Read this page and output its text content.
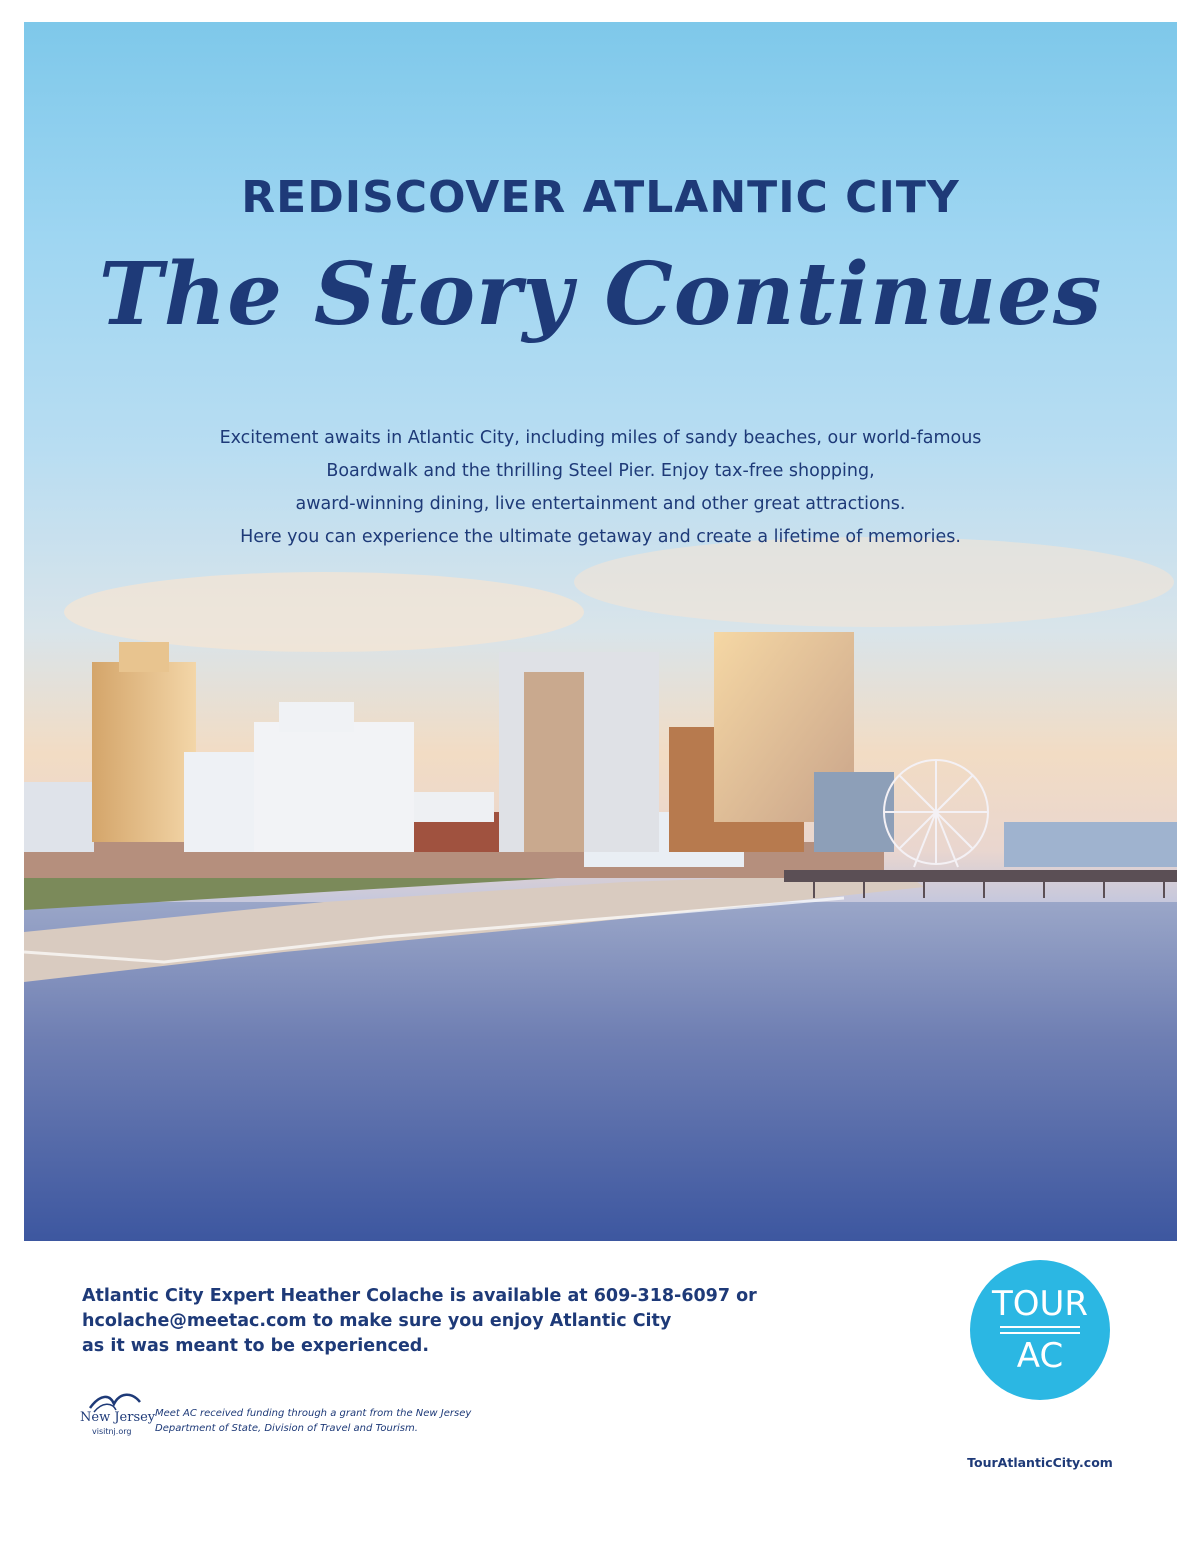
REDISCOVER ATLANTIC CITY
The Story Continues
Excitement awaits in Atlantic City, including miles of sandy beaches, our world-famous
Boardwalk and the thrilling Steel Pier. Enjoy tax-free shopping,
award-winning dining, live entertainment and other great attractions.
Here you can experience the ultimate getaway and create a lifetime of memories.
Atlantic City Expert Heather Colache is available at 609-318-6097 or
hcolache@meetac.com to make sure you enjoy Atlantic City
as it was meant to be experienced.
New Jersey
visitnj.org
Meet AC received funding through a grant from the New Jersey
Department of State, Division of Travel and Tourism.
TOUR
AC
TourAtlanticCity.com
